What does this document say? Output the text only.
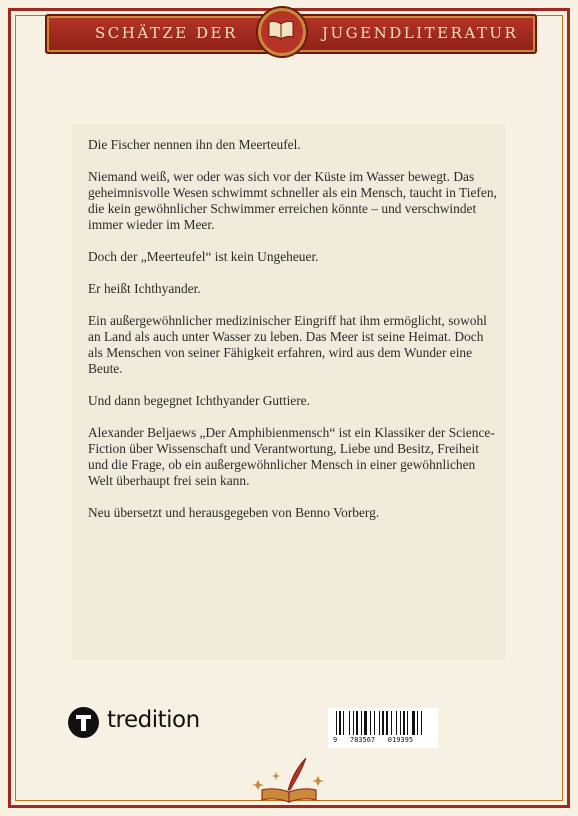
SCHÄTZE DER	JUGENDLITERATUR

Die Fischer nennen ihn den Meerteufel.

Niemand weiß, wer oder was sich vor der Küste im Wasser bewegt. Das geheimnisvolle Wesen schwimmt schneller als ein Mensch, taucht in Tiefen, die kein gewöhnlicher Schwimmer erreichen könnte – und verschwindet immer wieder im Meer.

Doch der „Meerteufel“ ist kein Ungeheuer.

Er heißt Ichthyander.

Ein außergewöhnlicher medizinischer Eingriff hat ihm ermöglicht, sowohl an Land als auch unter Wasser zu leben. Das Meer ist seine Heimat. Doch als Menschen von seiner Fähigkeit erfahren, wird aus dem Wunder eine Beute.

Und dann begegnet Ichthyander Guttiere.

Alexander Beljaews „Der Amphibienmensch“ ist ein Klassiker der Science-Fiction über Wissenschaft und Verantwortung, Liebe und Besitz, Freiheit und die Frage, ob ein außergewöhnlicher Mensch in einer gewöhnlichen Welt überhaupt frei sein kann.

Neu übersetzt und herausgegeben von Benno Vorberg.

tredition
9   783567   019395
